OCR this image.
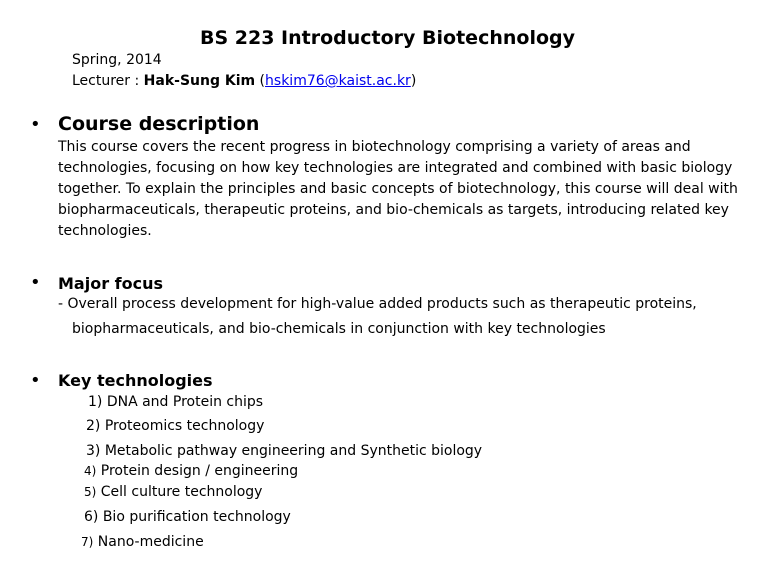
BS 223 Introductory Biotechnology
Spring, 2014
Lecturer : Hak-Sung Kim (hskim76@kaist.ac.kr)
• Course description
This course covers the recent progress in biotechnology comprising a variety of areas and technologies, focusing on how key technologies are integrated and combined with basic biology together. To explain the principles and basic concepts of biotechnology, this course will deal with biopharmaceuticals, therapeutic proteins, and bio-chemicals as targets, introducing related key technologies.
• Major focus
- Overall process development for high-value added products such as therapeutic proteins,
biopharmaceuticals, and bio-chemicals in conjunction with key technologies
• Key technologies
1) DNA and Protein chips
2) Proteomics technology
3) Metabolic pathway engineering and Synthetic biology
4) Protein design / engineering
5) Cell culture technology
6) Bio purification technology
7) Nano-medicine
